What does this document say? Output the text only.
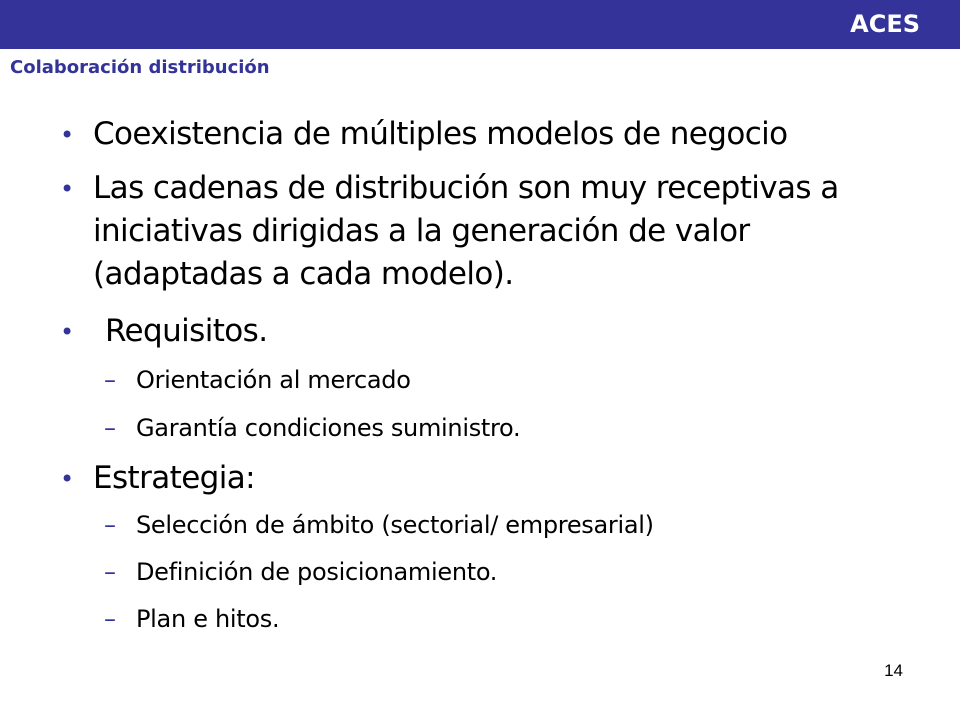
ACES
Colaboración distribución
• Coexistencia de múltiples modelos de negocio
• Las cadenas de distribución son muy receptivas a iniciativas dirigidas a la generación de valor (adaptadas a cada modelo).
• Requisitos.
– Orientación al mercado
– Garantía condiciones suministro.
• Estrategia:
– Selección de ámbito (sectorial/ empresarial)
– Definición de posicionamiento.
– Plan e hitos.
14
